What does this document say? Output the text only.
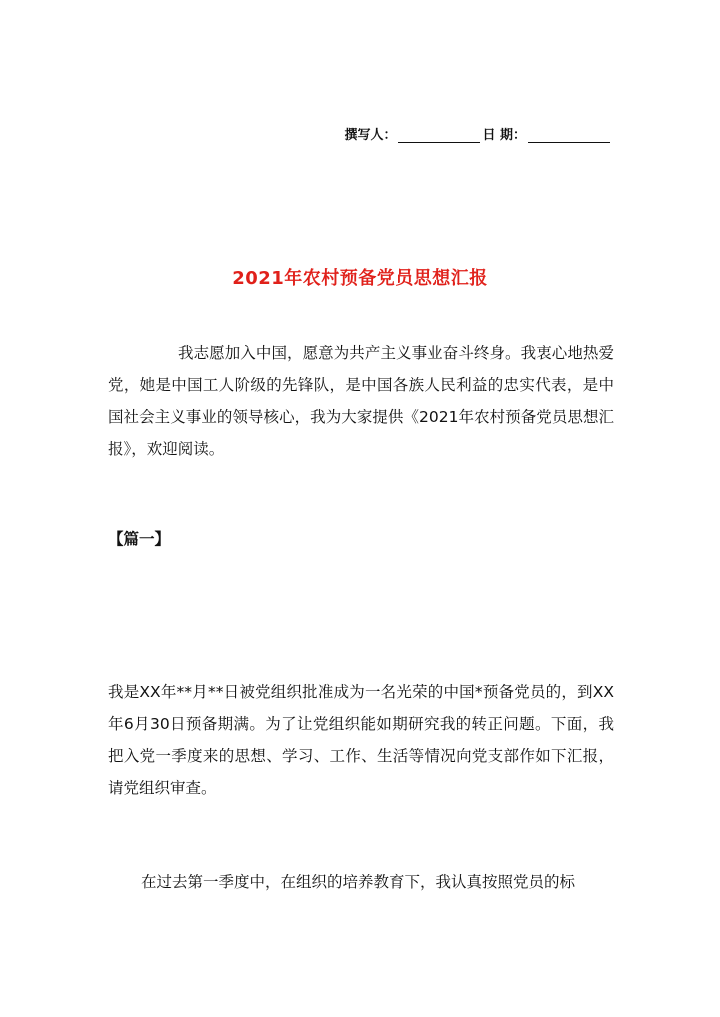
撰写人：	日 期：
2021年农村预备党员思想汇报
我志愿加入中国，愿意为共产主义事业奋斗终身。我衷心地热爱党，她是中国工人阶级的先锋队，是中国各族人民利益的忠实代表，是中国社会主义事业的领导核心，我为大家提供《2021年农村预备党员思想汇报》，欢迎阅读。
【篇一】
我是XX年**月**日被党组织批准成为一名光荣的中国*预备党员的，到XX年6月30日预备期满。为了让党组织能如期研究我的转正问题。下面，我把入党一季度来的思想、学习、工作、生活等情况向党支部作如下汇报，请党组织审查。
在过去第一季度中，在组织的培养教育下，我认真按照党员的标
